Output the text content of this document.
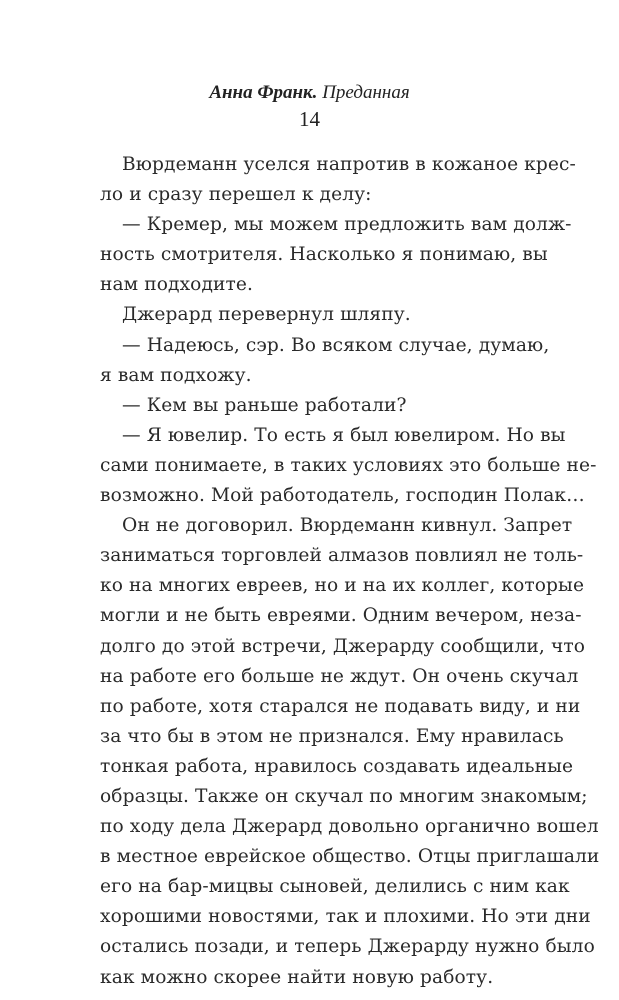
Анна Франк. Преданная
14
Вюрдеманн уселся напротив в кожаное крес-
ло и сразу перешел к делу:
— Кремер, мы можем предложить вам долж-
ность смотрителя. Насколько я понимаю, вы
нам подходите.
Джерард перевернул шляпу.
— Надеюсь, сэр. Во всяком случае, думаю,
я вам подхожу.
— Кем вы раньше работали?
— Я ювелир. То есть я был ювелиром. Но вы
сами понимаете, в таких условиях это больше не-
возможно. Мой работодатель, господин Полак…
Он не договорил. Вюрдеманн кивнул. Запрет
заниматься торговлей алмазов повлиял не толь-
ко на многих евреев, но и на их коллег, которые
могли и не быть евреями. Одним вечером, неза-
долго до этой встречи, Джерарду сообщили, что
на работе его больше не ждут. Он очень скучал
по работе, хотя старался не подавать виду, и ни
за что бы в этом не признался. Ему нравилась
тонкая работа, нравилось создавать идеальные
образцы. Также он скучал по многим знакомым;
по ходу дела Джерард довольно органично вошел
в местное еврейское общество. Отцы приглашали
его на бар-мицвы сыновей, делились с ним как
хорошими новостями, так и плохими. Но эти дни
остались позади, и теперь Джерарду нужно было
как можно скорее найти новую работу.
